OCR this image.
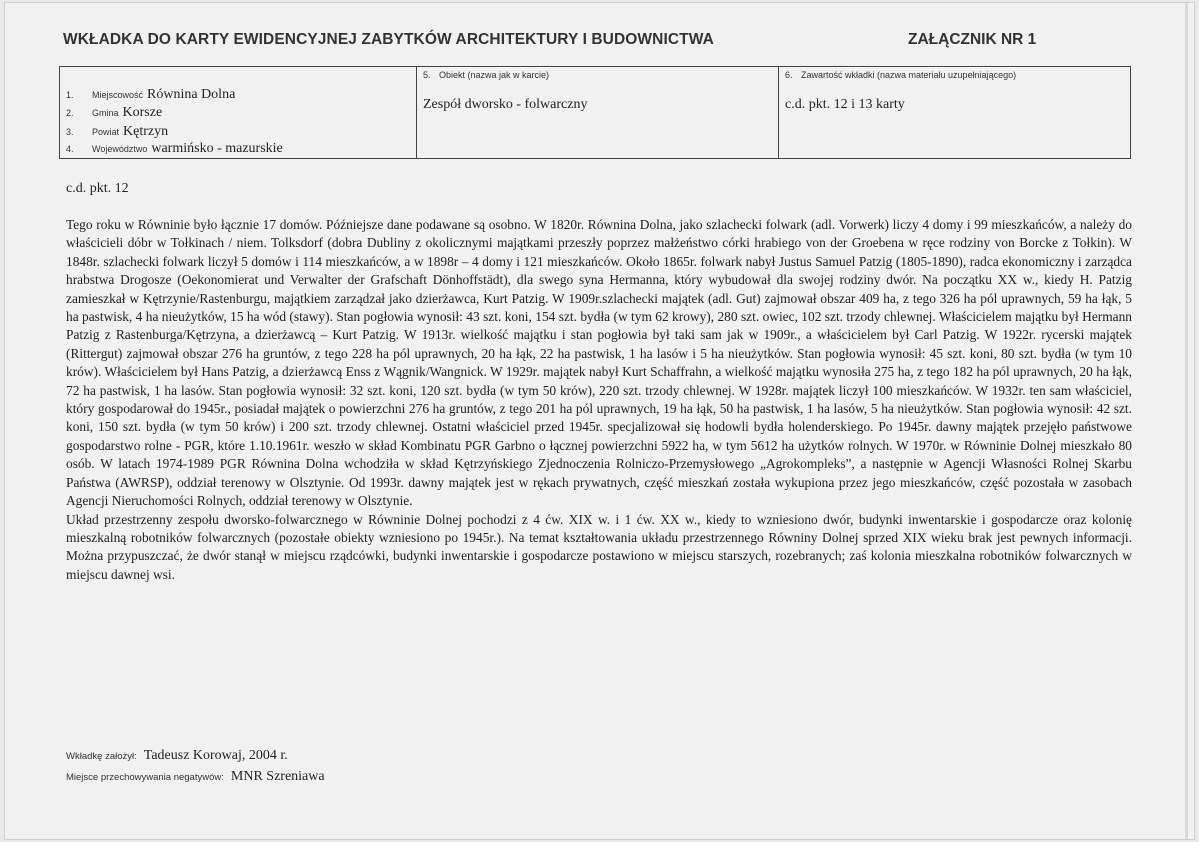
WKŁADKA DO KARTY EWIDENCYJNEJ ZABYTKÓW ARCHITEKTURY I BUDOWNICTWA	ZAŁĄCZNIK NR 1
1. Miejscowość Równina Dolna
2. Gmina Korsze
3. Powiat Kętrzyn
4. Województwo warmińsko - mazurskie
5. Obiekt (nazwa jak w karcie)
Zespół dworsko - folwarczny
6. Zawartość wkładki (nazwa materiału uzupełniającego)
c.d. pkt. 12 i 13 karty
c.d. pkt. 12

Tego roku w Równinie było łącznie 17 domów. Późniejsze dane podawane są osobno. W 1820r. Równina Dolna, jako szlachecki folwark (adl. Vorwerk) liczy 4 domy i 99 mieszkańców, a należy do właścicieli dóbr w Tołkinach / niem. Tolksdorf (dobra Dubliny z okolicznymi majątkami przeszły poprzez małżeństwo córki hrabiego von der Groebena w ręce rodziny von Borcke z Tołkin). W 1848r. szlachecki folwark liczył 5 domów i 114 mieszkańców, a w 1898r – 4 domy i 121 mieszkańców. Około 1865r. folwark nabył Justus Samuel Patzig (1805-1890), radca ekonomiczny i zarządca hrabstwa Drogosze (Oekonomierat und Verwalter der Grafschaft Dönhoffstädt), dla swego syna Hermanna, który wybudował dla swojej rodziny dwór. Na początku XX w., kiedy H. Patzig zamieszkał w Kętrzynie/Rastenburgu, majątkiem zarządzał jako dzierżawca, Kurt Patzig. W 1909r.szlachecki majątek (adl. Gut) zajmował obszar 409 ha, z tego 326 ha pól uprawnych, 59 ha łąk, 5 ha pastwisk, 4 ha nieużytków, 15 ha wód (stawy). Stan pogłowia wynosił: 43 szt. koni, 154 szt. bydła (w tym 62 krowy), 280 szt. owiec, 102 szt. trzody chlewnej. Właścicielem majątku był Hermann Patzig z Rastenburga/Kętrzyna, a dzierżawcą – Kurt Patzig. W 1913r. wielkość majątku i stan pogłowia był taki sam jak w 1909r., a właścicielem był Carl Patzig. W 1922r. rycerski majątek (Rittergut) zajmował obszar 276 ha gruntów, z tego 228 ha pól uprawnych, 20 ha łąk, 22 ha pastwisk, 1 ha lasów i 5 ha nieużytków. Stan pogłowia wynosił: 45 szt. koni, 80 szt. bydła (w tym 10 krów). Właścicielem był Hans Patzig, a dzierżawcą Enss z Wągnik/Wangnick. W 1929r. majątek nabył Kurt Schaffrahn, a wielkość majątku wynosiła 275 ha, z tego 182 ha pól uprawnych, 20 ha łąk, 72 ha pastwisk, 1 ha lasów. Stan pogłowia wynosił: 32 szt. koni, 120 szt. bydła (w tym 50 krów), 220 szt. trzody chlewnej. W 1928r. majątek liczył 100 mieszkańców. W 1932r. ten sam właściciel, który gospodarował do 1945r., posiadał majątek o powierzchni 276 ha gruntów, z tego 201 ha pól uprawnych, 19 ha łąk, 50 ha pastwisk, 1 ha lasów, 5 ha nieużytków. Stan pogłowia wynosił: 42 szt. koni, 150 szt. bydła (w tym 50 krów) i 200 szt. trzody chlewnej. Ostatni właściciel przed 1945r. specjalizował się hodowli bydła holenderskiego. Po 1945r. dawny majątek przejęło państwowe gospodarstwo rolne - PGR, które 1.10.1961r. weszło w skład Kombinatu PGR Garbno o łącznej powierzchni 5922 ha, w tym 5612 ha użytków rolnych. W 1970r. w Równinie Dolnej mieszkało 80 osób. W latach 1974-1989 PGR Równina Dolna wchodziła w skład Kętrzyńskiego Zjednoczenia Rolniczo-Przemysłowego „Agrokompleks”, a następnie w Agencji Własności Rolnej Skarbu Państwa (AWRSP), oddział terenowy w Olsztynie. Od 1993r. dawny majątek jest w rękach prywatnych, część mieszkań została wykupiona przez jego mieszkańców, część pozostała w zasobach Agencji Nieruchomości Rolnych, oddział terenowy w Olsztynie.

Układ przestrzenny zespołu dworsko-folwarcznego w Równinie Dolnej pochodzi z 4 ćw. XIX w. i 1 ćw. XX w., kiedy to wzniesiono dwór, budynki inwentarskie i gospodarcze oraz kolonię mieszkalną robotników folwarcznych (pozostałe obiekty wzniesiono po 1945r.). Na temat kształtowania układu przestrzennego Równiny Dolnej sprzed XIX wieku brak jest pewnych informacji. Można przypuszczać, że dwór stanął w miejscu rządcówki, budynki inwentarskie i gospodarcze postawiono w miejscu starszych, rozebranych; zaś kolonia mieszkalna robotników folwarcznych w miejscu dawnej wsi.

Wkładkę założył: Tadeusz Korowaj, 2004 r.
Miejsce przechowywania negatywów: MNR Szreniawa
